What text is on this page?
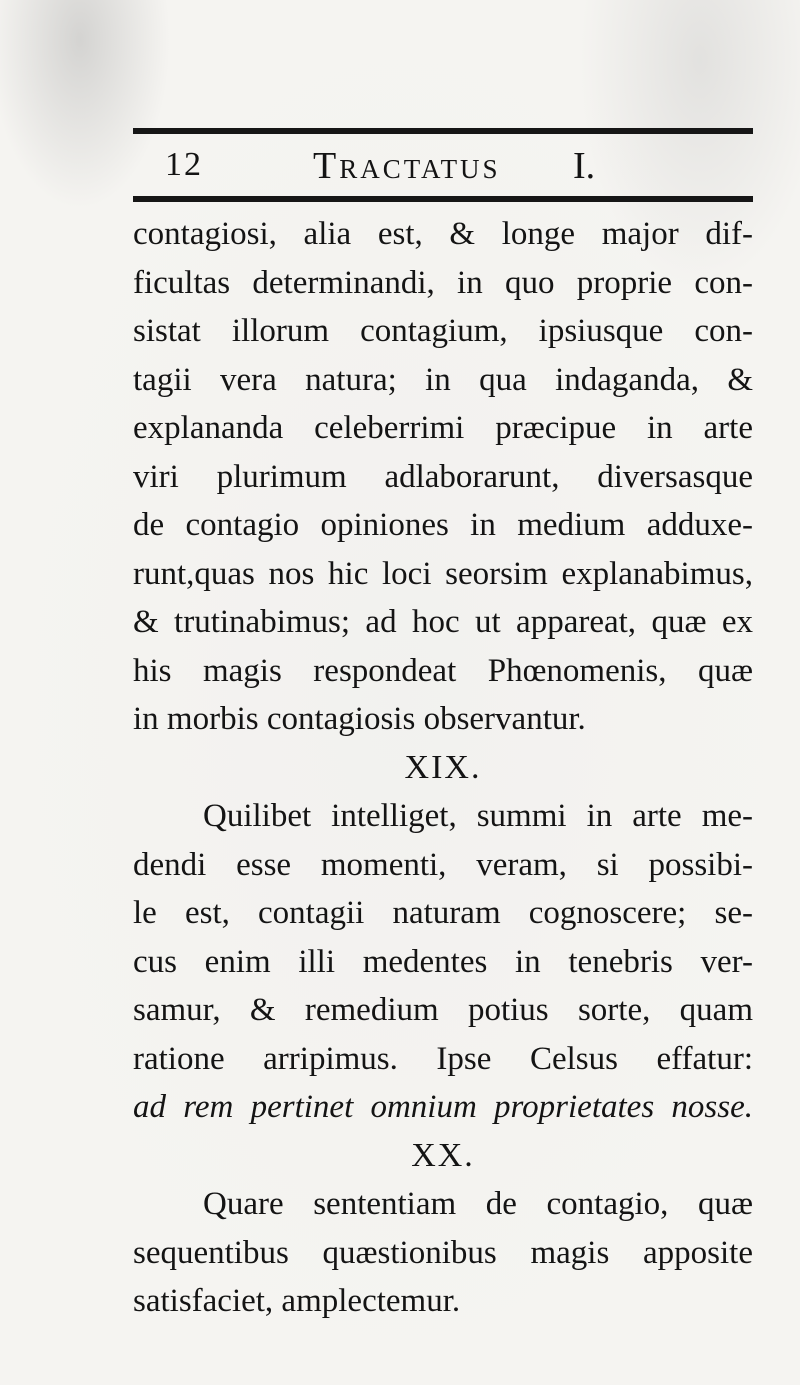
12	Tractatus I.
contagiosi, alia est, & longe major dif-
ficultas determinandi, in quo proprie con-
sistat illorum contagium, ipsiusque con-
tagii vera natura; in qua indaganda, &
explananda celeberrimi præcipue in arte
viri plurimum adlaborarunt, diversasque
de contagio opiniones in medium adduxe-
runt,quas nos hic loci seorsim explanabimus,
& trutinabimus; ad hoc ut appareat, quæ ex
his magis respondeat Phœnomenis, quæ
in morbis contagiosis observantur.
XIX.
Quilibet intelliget, summi in arte me-
dendi esse momenti, veram, si possibi-
le est, contagii naturam cognoscere; se-
cus enim illi medentes in tenebris ver-
samur, & remedium potius sorte, quam
ratione arripimus. Ipse Celsus effatur:
ad rem pertinet omnium proprietates nosse.
XX.
Quare sententiam de contagio, quæ
sequentibus quæstionibus magis apposite
satisfaciet, amplectemur.
